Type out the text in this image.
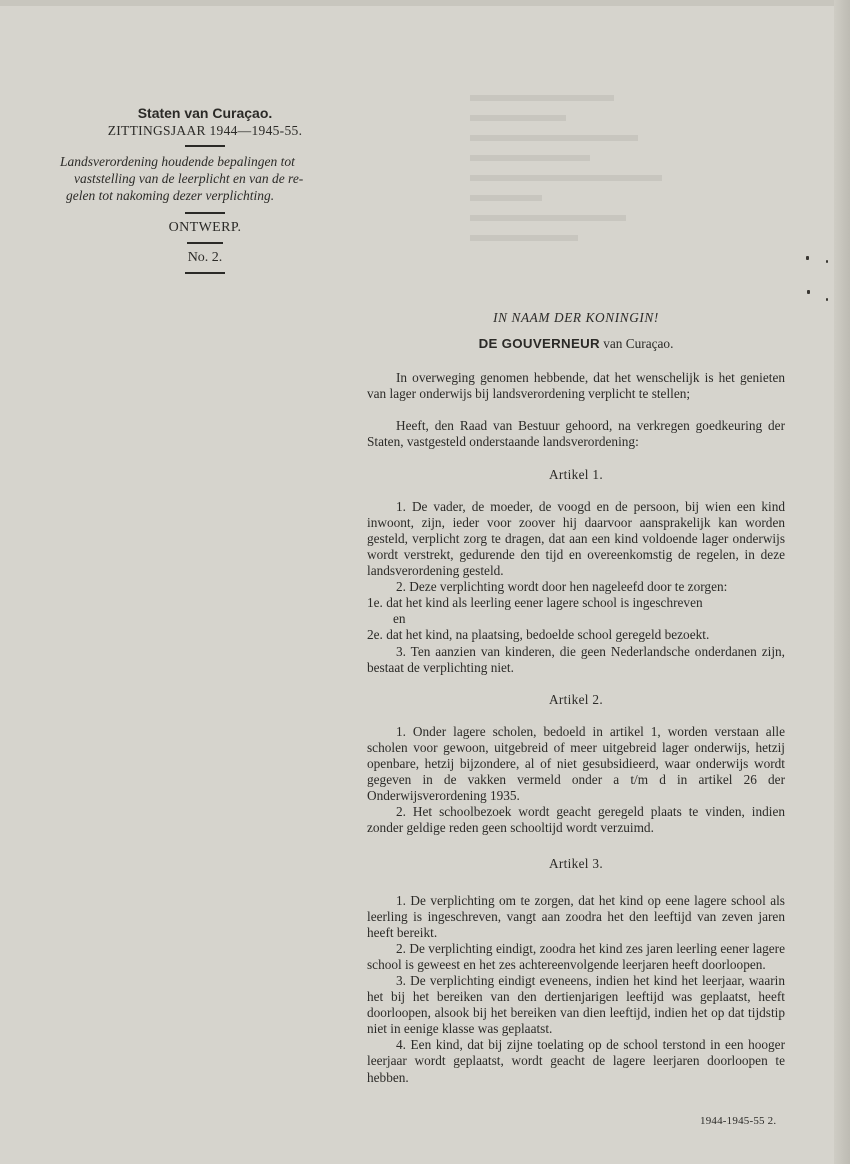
Staten van Curaçao.
ZITTINGSJAAR 1944—1945-55.
Landsverordening houdende bepalingen tot
vaststelling van de leerplicht en van de re-
gelen tot nakoming dezer verplichting.
ONTWERP.
No. 2.
IN NAAM DER KONINGIN!
DE GOUVERNEUR van Curaçao.

In overweging genomen hebbende, dat het wenschelijk is het genieten van lager onderwijs bij landsverordening verplicht te stellen;

Heeft, den Raad van Bestuur gehoord, na verkregen goedkeuring der Staten, vastgesteld onderstaande landsverordening:

Artikel 1.

1. De vader, de moeder, de voogd en de persoon, bij wien een kind inwoont, zijn, ieder voor zoover hij daarvoor aansprakelijk kan worden gesteld, verplicht zorg te dragen, dat aan een kind voldoende lager onderwijs wordt verstrekt, gedurende den tijd en overeenkomstig de regelen, in deze landsverordening gesteld.

2. Deze verplichting wordt door hen nageleefd door te zorgen:

1e. dat het kind als leerling eener lagere school is ingeschreven

en

2e. dat het kind, na plaatsing, bedoelde school geregeld bezoekt.

3. Ten aanzien van kinderen, die geen Nederlandsche onderdanen zijn, bestaat de verplichting niet.

Artikel 2.

1. Onder lagere scholen, bedoeld in artikel 1, worden verstaan alle scholen voor gewoon, uitgebreid of meer uitgebreid lager onderwijs, hetzij openbare, hetzij bijzondere, al of niet gesubsidieerd, waar onderwijs wordt gegeven in de vakken vermeld onder a t/m d in artikel 26 der Onderwijsverordening 1935.

2. Het schoolbezoek wordt geacht geregeld plaats te vinden, indien zonder geldige reden geen schooltijd wordt verzuimd.

Artikel 3.

1. De verplichting om te zorgen, dat het kind op eene lagere school als leerling is ingeschreven, vangt aan zoodra het den leeftijd van zeven jaren heeft bereikt.

2. De verplichting eindigt, zoodra het kind zes jaren leerling eener lagere school is geweest en het zes achtereenvolgende leerjaren heeft doorloopen.

3. De verplichting eindigt eveneens, indien het kind het leerjaar, waarin het bij het bereiken van den dertienjarigen leeftijd was geplaatst, heeft doorloopen, alsook bij het bereiken van dien leeftijd, indien het op dat tijdstip niet in eenige klasse was geplaatst.

4. Een kind, dat bij zijne toelating op de school terstond in een hooger leerjaar wordt geplaatst, wordt geacht de lagere leerjaren doorloopen te hebben.

1944-1945-55 2.
